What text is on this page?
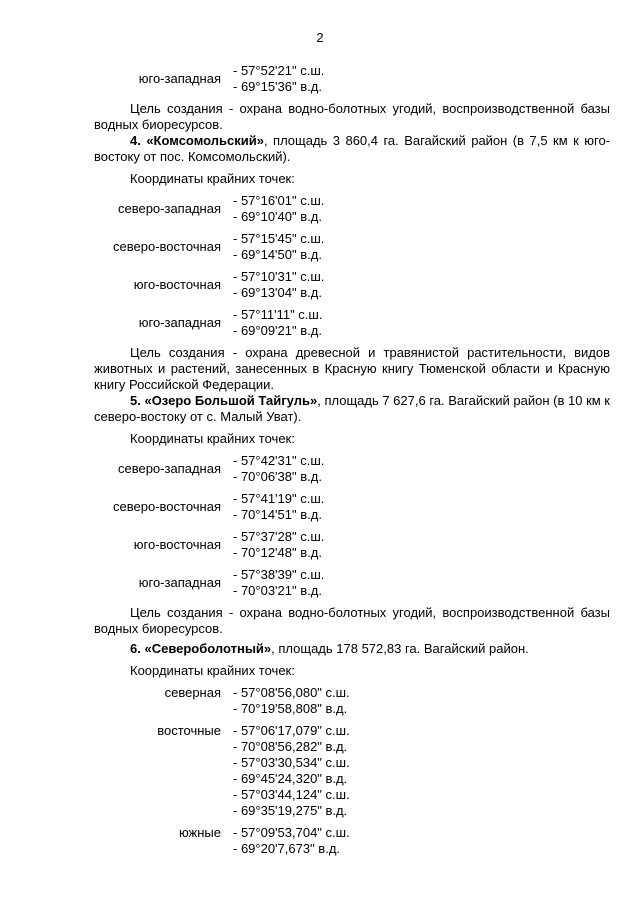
2
юго-западная
- 57°52'21" с.ш.
- 69°15'36" в.д.

Цель создания - охрана водно-болотных угодий, воспроизводственной базы водных биоресурсов.

4. «Комсомольский», площадь 3 860,4 га. Вагайский район (в 7,5 км к юго-востоку от пос. Комсомольский).

Координаты крайних точек:

северо-западная
- 57°16'01" с.ш.
- 69°10'40" в.д.
северо-восточная
- 57°15'45" с.ш.
- 69°14'50" в.д.
юго-восточная
- 57°10'31" с.ш.
- 69°13'04" в.д.
юго-западная
- 57°11'11" с.ш.
- 69°09'21" в.д.

Цель создания - охрана древесной и травянистой растительности, видов животных и растений, занесенных в Красную книгу Тюменской области и Красную книгу Российской Федерации.

5. «Озеро Большой Тайгуль», площадь 7 627,6 га. Вагайский район (в 10 км к северо-востоку от с. Малый Уват).

Координаты крайних точек:

северо-западная
- 57°42'31" с.ш.
- 70°06'38" в.д.
северо-восточная
- 57°41'19" с.ш.
- 70°14'51" в.д.
юго-восточная
- 57°37'28" с.ш.
- 70°12'48" в.д.
юго-западная
- 57°38'39" с.ш.
- 70°03'21" в.д.

Цель создания - охрана водно-болотных угодий, воспроизводственной базы водных биоресурсов.

6. «Североболотный», площадь 178 572,83 га. Вагайский район.

Координаты крайних точек:

северная - 57°08'56,080" с.ш.
- 70°19'58,808" в.д.
восточные - 57°06'17,079" с.ш.
- 70°08'56,282" в.д.
- 57°03'30,534" с.ш.
- 69°45'24,320" в.д.
- 57°03'44,124" с.ш.
- 69°35'19,275" в.д.
южные - 57°09'53,704" с.ш.
- 69°20'7,673" в.д.
